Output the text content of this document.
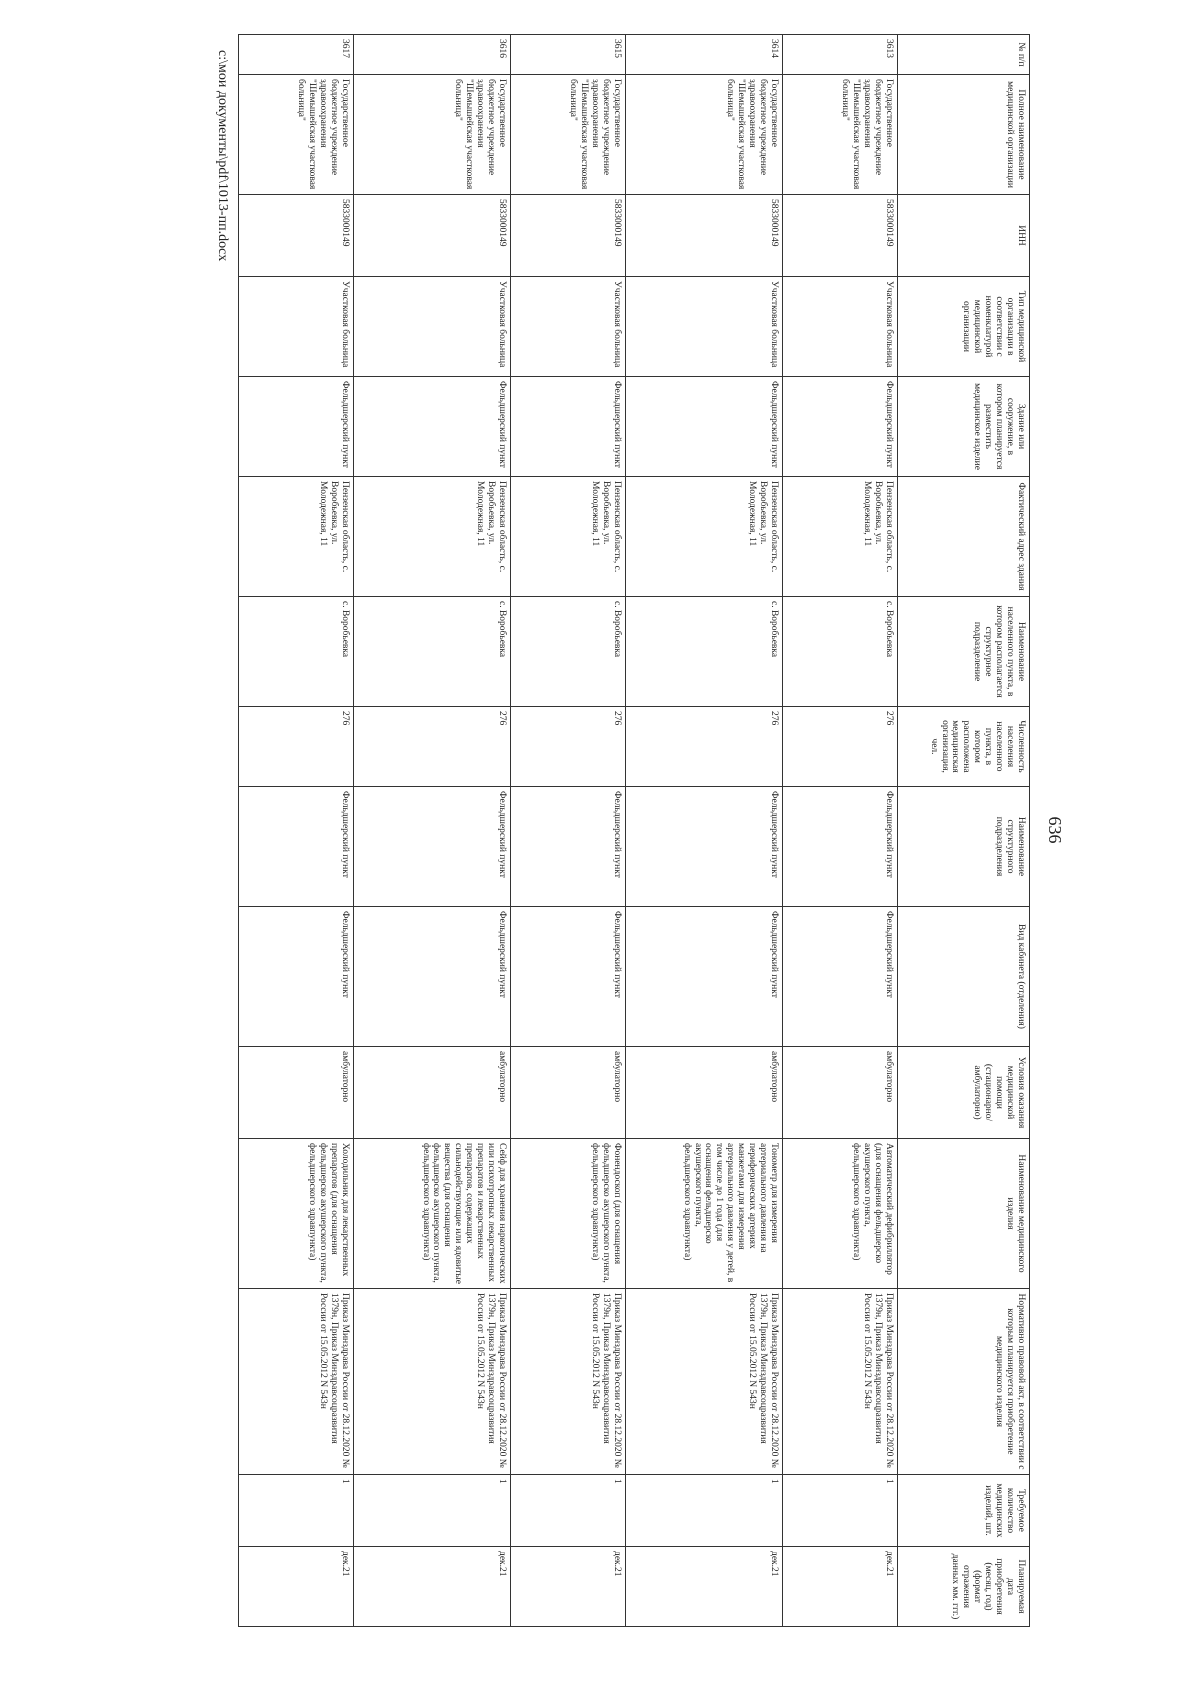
636
№ п/п	Полное наименование медицинской организации	ИНН	Тип медицинской организации в соответствии с номенклатурой медицинской организации	Здание или сооружение, в котором планируется разместить медицинское изделие	Фактический адрес здания	Наименование населенного пункта, в котором располагается структурное подразделение	Численность населения населенного пункта, в котором расположена медицинская организация, чел.	Наименование структурного подразделения	Вид кабинета (отделения)	Условия оказания медицинской помощи (стационарно/амбулаторно)	Наименование медицинского изделия	Нормативно правовой акт, в соответствии с которым планируется приобретение медицинского изделия	Требуемое количество медицинских изделий, шт.	Планируемая дата приобретения (месяц, год) (формат отражения данных мм. ггг.)
3613	Государственное бюджетное учреждение здравоохранения "Шемышейская участковая больница"	5833000149	Участковая больница	Фельдшерский пункт	Пензенская область, с. Воробьевка, ул. Молодежная, 11	с. Воробьевка	276	Фельдшерский пункт	Фельдшерский пункт	амбулаторно	Автоматический дефибриллятор (для оснащения фельдшерско акушерского пункта, фельдшерского здравпункта)	Приказ Минздрава России от 28.12.2020 № 1379н, Приказ Минздравсоцразвития России от 15.05.2012 N 543н	1	дек.21
3614	Государственное бюджетное учреждение здравоохранения "Шемышейская участковая больница"	5833000149	Участковая больница	Фельдшерский пункт	Пензенская область, с. Воробьевка, ул. Молодежная, 11	с. Воробьевка	276	Фельдшерский пункт	Фельдшерский пункт	амбулаторно	Тонометр для измерения артериального давления на периферических артериях манжетами для измерения артериального давления у детей, в том числе до 1 года (для оснащения фельдшерско акушерского пункта, фельдшерского здравпункта)	Приказ Минздрава России от 28.12.2020 № 1379н, Приказ Минздравсоцразвития России от 15.05.2012 N 543н	1	дек.21
3615	Государственное бюджетное учреждение здравоохранения "Шемышейская участковая больница"	5833000149	Участковая больница	Фельдшерский пункт	Пензенская область, с. Воробьевка, ул. Молодежная, 11	с. Воробьевка	276	Фельдшерский пункт	Фельдшерский пункт	амбулаторно	Фонендоскоп (для оснащения фельдшерско акушерского пункта, фельдшерского здравпункта)	Приказ Минздрава России от 28.12.2020 № 1379н, Приказ Минздравсоцразвития России от 15.05.2012 N 543н	1	дек.21
3616	Государственное бюджетное учреждение здравоохранения "Шемышейская участковая больница"	5833000149	Участковая больница	Фельдшерский пункт	Пензенская область, с. Воробьевка, ул. Молодежная, 11	с. Воробьевка	276	Фельдшерский пункт	Фельдшерский пункт	амбулаторно	Сейф для хранения наркотических или психотропных лекарственных препаратов и лекарственных препаратов, содержащих сильнодействующие или ядовитые вещества (для оснащения фельдшерско акушерского пункта, фельдшерского здравпункта)	Приказ Минздрава России от 28.12.2020 № 1379н, Приказ Минздравсоцразвития России от 15.05.2012 N 543н	1	дек.21
3617	Государственное бюджетное учреждение здравоохранения "Шемышейская участковая больница"	5833000149	Участковая больница	Фельдшерский пункт	Пензенская область, с. Воробьевка, ул. Молодежная, 11	с. Воробьевка	276	Фельдшерский пункт	Фельдшерский пункт	амбулаторно	Холодильник для лекарственных препаратов (для оснащения фельдшерско акушерского пункта, фельдшерского здравпункта)	Приказ Минздрава России от 28.12.2020 № 1379н, Приказ Минздравсоцразвития России от 15.05.2012 N 543н	1	дек.21
c:\мои документы\pdf\1013-пп.docx
